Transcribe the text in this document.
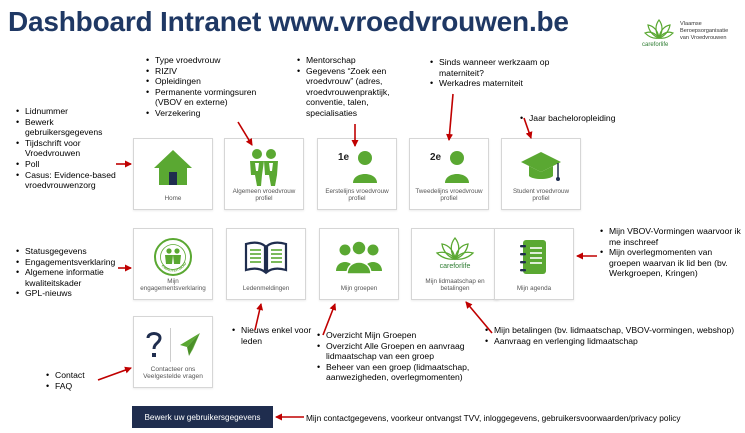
Dashboard Intranet www.vroedvrouwen.be
careforlife
Vlaamse
Beroepsorganisatie
van Vroedvrouwen
• Type vroedvrouw
• RIZIV
• Opleidingen
• Permanente vormingsuren (VBOV en externe)
• Verzekering
• Mentorschap
• Gegevens “Zoek een vroedvrouw” (adres, vroedvrouwenpraktijk, conventie, talen, specialisaties
• Sinds wanneer werkzaam op materniteit?
• Werkadres materniteit
• Jaar bacheloropleiding
• Lidnummer
• Bewerk gebruikersgegevens
• Tijdschrift voor Vroedvrouwen
• Poll
• Casus: Evidence-based vroedvrouwenzorg
• Statusgegevens
• Engagementsverklaring
• Algemene informatie kwaliteitskader
• GPL-nieuws
• Mijn VBOV-Vormingen waarvoor ik me inschreef
• Mijn overlegmomenten van groepen waarvan ik lid ben (bv. Werkgroepen, Kringen)
• Nieuws enkel voor leden
• Overzicht Mijn Groepen
• Overzicht Alle Groepen en aanvraag lidmaatschap van een groep
• Beheer van een groep (lidmaatschap, aanwezigheden, overlegmomenten)
• Mijn betalingen (bv. lidmaatschap, VBOV-vormingen, webshop)
• Aanvraag en verlenging lidmaatschap
• Contact
• FAQ
Mijn contactgegevens, voorkeur ontvangst TVV, inloggegevens, gebruikersvoorwaarden/privacy policy
Home
Algemeen vroedvrouw profiel
1e
Eerstelijns vroedvrouw profiel
2e
Tweedelijns vroedvrouw profiel
Student vroedvrouw profiel
KWALITEITSKAD
Mijn engagementsverklaring	Ledenmeldingen	Mijn groepen
careforlife
Mijn lidmaatschap en betalingen	Mijn agenda
Contacteer ons Veelgestelde vragen
Bewerk uw gebruikersgegevens
